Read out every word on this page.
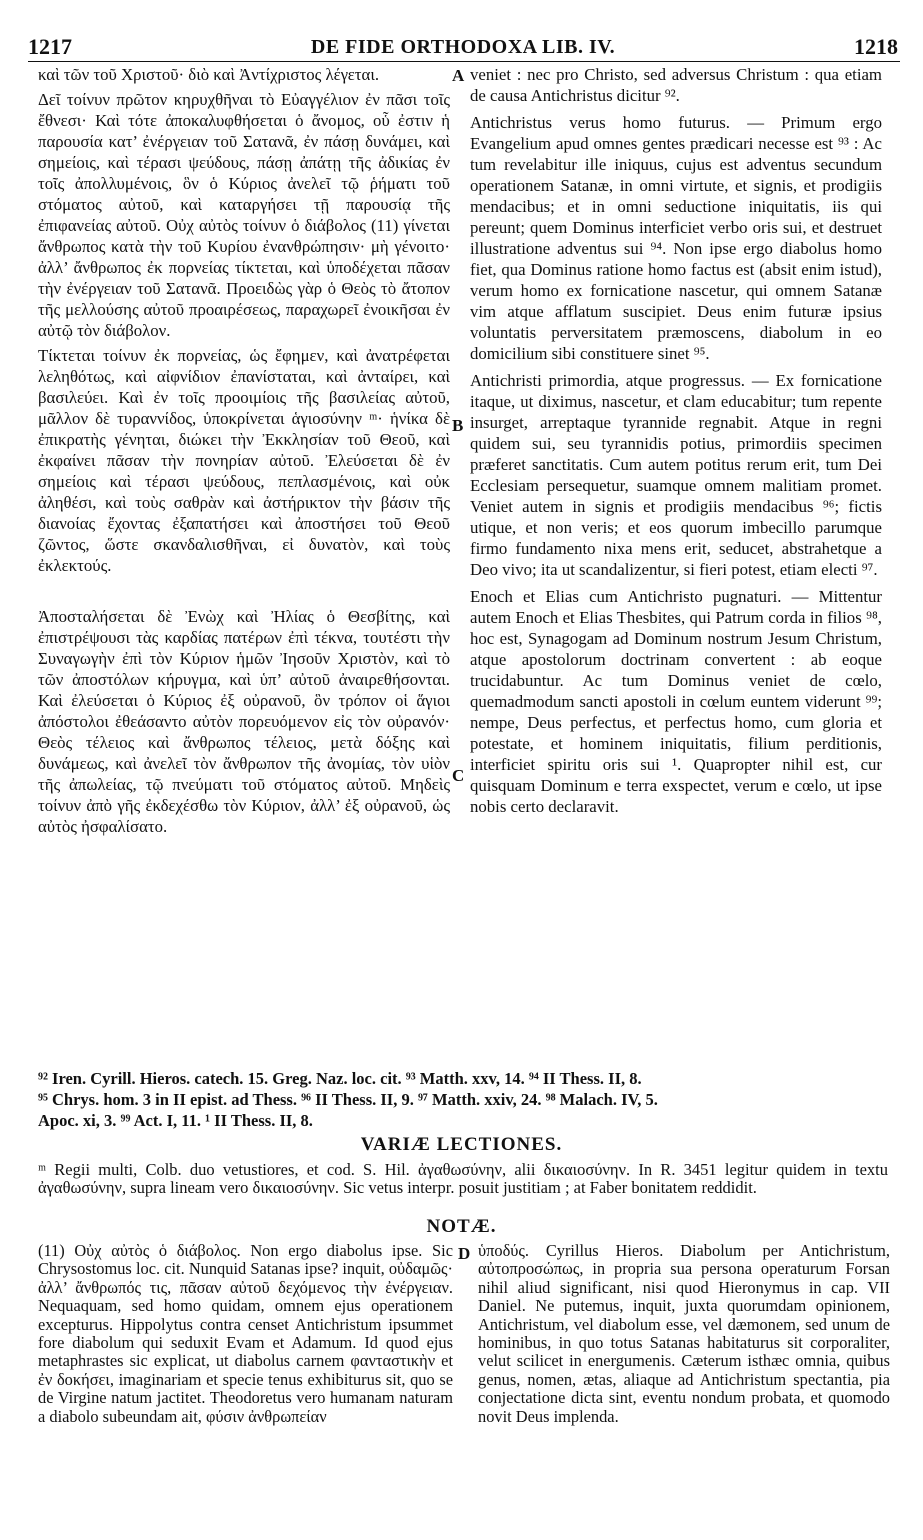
1217	DE FIDE ORTHODOXA LIB. IV.	1218

καὶ τῶν τοῦ Χριστοῦ· διὸ καὶ Ἀντίχριστος λέγεται.

Δεῖ τοίνυν πρῶτον κηρυχθῆναι τὸ Εὐαγγέλιον ἐν πᾶσι τοῖς ἔθνεσι· Καὶ τότε ἀποκαλυφθήσεται ὁ ἄνομος, οὗ ἐστιν ἡ παρουσία κατ’ ἐνέργειαν τοῦ Σατανᾶ, ἐν πάσῃ δυνάμει, καὶ σημείοις, καὶ τέρασι ψεύδους, πάσῃ ἀπάτῃ τῆς ἀδικίας ἐν τοῖς ἀπολλυμένοις, ὃν ὁ Κύριος ἀνελεῖ τῷ ῥήματι τοῦ στόματος αὐτοῦ, καὶ καταργήσει τῇ παρουσίᾳ τῆς ἐπιφανείας αὐτοῦ. Οὐχ αὐτὸς τοίνυν ὁ διάβολος (11) γίνεται ἄνθρωπος κατὰ τὴν τοῦ Κυρίου ἐνανθρώπησιν· μὴ γένοιτο· ἀλλ’ ἄνθρωπος ἐκ πορνείας τίκτεται, καὶ ὑποδέχεται πᾶσαν τὴν ἐνέργειαν τοῦ Σατανᾶ. Προειδὼς γὰρ ὁ Θεὸς τὸ ἄτοπον τῆς μελλούσης αὐτοῦ προαιρέσεως, παραχωρεῖ ἐνοικῆσαι ἐν αὐτῷ τὸν διάβολον.

Τίκτεται τοίνυν ἐκ πορνείας, ὡς ἔφημεν, καὶ ἀνατρέφεται λεληθότως, καὶ αἰφνίδιον ἐπανίσταται, καὶ ἀνταίρει, καὶ βασιλεύει. Καὶ ἐν τοῖς προοιμίοις τῆς βασιλείας αὐτοῦ, μᾶλλον δὲ τυραννίδος, ὑποκρίνεται ἁγιοσύνην ᵐ· ἡνίκα δὲ ἐπικρατὴς γένηται, διώκει τὴν Ἐκκλησίαν τοῦ Θεοῦ, καὶ ἐκφαίνει πᾶσαν τὴν πονηρίαν αὐτοῦ. Ἐλεύσεται δὲ ἐν σημείοις καὶ τέρασι ψεύδους, πεπλασμένοις, καὶ οὐκ ἀληθέσι, καὶ τοὺς σαθρὰν καὶ ἀστήρικτον τὴν βάσιν τῆς διανοίας ἔχοντας ἐξαπατήσει καὶ ἀποστήσει τοῦ Θεοῦ ζῶντος, ὥστε σκανδαλισθῆναι, εἰ δυνατὸν, καὶ τοὺς ἐκλεκτούς.

Ἀποσταλήσεται δὲ Ἐνὼχ καὶ Ἠλίας ὁ Θεσβίτης, καὶ ἐπιστρέψουσι τὰς καρδίας πατέρων ἐπὶ τέκνα, τουτέστι τὴν Συναγωγὴν ἐπὶ τὸν Κύριον ἡμῶν Ἰησοῦν Χριστὸν, καὶ τὸ τῶν ἀποστόλων κήρυγμα, καὶ ὑπ’ αὐτοῦ ἀναιρεθήσονται. Καὶ ἐλεύσεται ὁ Κύριος ἐξ οὐρανοῦ, ὃν τρόπον οἱ ἅγιοι ἀπόστολοι ἐθεάσαντο αὐτὸν πορευόμενον εἰς τὸν οὐρανόν· Θεὸς τέλειος καὶ ἄνθρωπος τέλειος, μετὰ δόξης καὶ δυνάμεως, καὶ ἀνελεῖ τὸν ἄνθρωπον τῆς ἀνομίας, τὸν υἱὸν τῆς ἀπωλείας, τῷ πνεύματι τοῦ στόματος αὐτοῦ. Μηδεὶς τοίνυν ἀπὸ γῆς ἐκδεχέσθω τὸν Κύριον, ἀλλ’ ἐξ οὐρανοῦ, ὡς αὐτὸς ἠσφαλίσατο.

A
B
C
D

veniet : nec pro Christo, sed adversus Christum : qua etiam de causa Antichristus dicitur ⁹².

Antichristus verus homo futurus. — Primum ergo Evangelium apud omnes gentes prædicari necesse est ⁹³ : Ac tum revelabitur ille iniquus, cujus est adventus secundum operationem Satanæ, in omni virtute, et signis, et prodigiis mendacibus; et in omni seductione iniquitatis, iis qui pereunt; quem Dominus interficiet verbo oris sui, et destruet illustratione adventus sui ⁹⁴. Non ipse ergo diabolus homo fiet, qua Dominus ratione homo factus est (absit enim istud), verum homo ex fornicatione nascetur, qui omnem Satanæ vim atque afflatum suscipiet. Deus enim futuræ ipsius voluntatis perversitatem præmoscens, diabolum in eo domicilium sibi constituere sinet ⁹⁵.

Antichristi primordia, atque progressus. — Ex fornicatione itaque, ut diximus, nascetur, et clam educabitur; tum repente insurget, arreptaque tyrannide regnabit. Atque in regni quidem sui, seu tyrannidis potius, primordiis specimen præferet sanctitatis. Cum autem potitus rerum erit, tum Dei Ecclesiam persequetur, suamque omnem malitiam promet. Veniet autem in signis et prodigiis mendacibus ⁹⁶; fictis utique, et non veris; et eos quorum imbecillo parumque firmo fundamento nixa mens erit, seducet, abstrahetque a Deo vivo; ita ut scandalizentur, si fieri potest, etiam electi ⁹⁷.

Enoch et Elias cum Antichristo pugnaturi. — Mittentur autem Enoch et Elias Thesbites, qui Patrum corda in filios ⁹⁸, hoc est, Synagogam ad Dominum nostrum Jesum Christum, atque apostolorum doctrinam convertent : ab eoque trucidabuntur. Ac tum Dominus veniet de cœlo, quemadmodum sancti apostoli in cœlum euntem viderunt ⁹⁹; nempe, Deus perfectus, et perfectus homo, cum gloria et potestate, et hominem iniquitatis, filium perditionis, interficiet spiritu oris sui ¹. Quapropter nihil est, cur quisquam Dominum e terra exspectet, verum e cœlo, ut ipse nobis certo declaravit.

⁹² Iren. Cyrill. Hieros. catech. 15. Greg. Naz. loc. cit. ⁹³ Matth. xxv, 14. ⁹⁴ II Thess. II, 8.

⁹⁵ Chrys. hom. 3 in II epist. ad Thess. ⁹⁶ II Thess. II, 9. ⁹⁷ Matth. xxiv, 24. ⁹⁸ Malach. IV, 5.

Apoc. xi, 3. ⁹⁹ Act. I, 11. ¹ II Thess. II, 8.

VARIÆ LECTIONES.

ᵐ Regii multi, Colb. duo vetustiores, et cod. S. Hil. ἀγαθωσύνην, alii δικαιοσύνην. In R. 3451 legitur quidem in textu ἀγαθωσύνην, supra lineam vero δικαιοσύνην. Sic vetus interpr. posuit justitiam ; at Faber bonitatem reddidit.

NOTÆ.

(11) Οὐχ αὐτὸς ὁ διάβολος. Non ergo diabolus ipse. Sic Chrysostomus loc. cit. Nunquid Satanas ipse? inquit, οὐδαμῶς· ἀλλ’ ἄνθρωπός τις, πᾶσαν αὐτοῦ δεχόμενος τὴν ἐνέργειαν. Nequaquam, sed homo quidam, omnem ejus operationem excepturus. Hippolytus contra censet Antichristum ipsummet fore diabolum qui seduxit Evam et Adamum. Id quod ejus metaphrastes sic explicat, ut diabolus carnem φανταστικὴν et ἐν δοκήσει, imaginariam et specie tenus exhibiturus sit, quo se de Virgine natum jactitet. Theodoretus vero humanam naturam a diabolo subeundam ait, φύσιν ἀνθρωπείαν

ὑποδύς. Cyrillus Hieros. Diabolum per Antichristum, αὐτοπροσώπως, in propria sua persona operaturum Forsan nihil aliud significant, nisi quod Hieronymus in cap. VII Daniel. Ne putemus, inquit, juxta quorumdam opinionem, Antichristum, vel diabolum esse, vel dæmonem, sed unum de hominibus, in quo totus Satanas habitaturus sit corporaliter, velut scilicet in energumenis. Cæterum isthæc omnia, quibus genus, nomen, ætas, aliaque ad Antichristum spectantia, pia conjectatione dicta sint, eventu nondum probata, et quomodo novit Deus implenda.
